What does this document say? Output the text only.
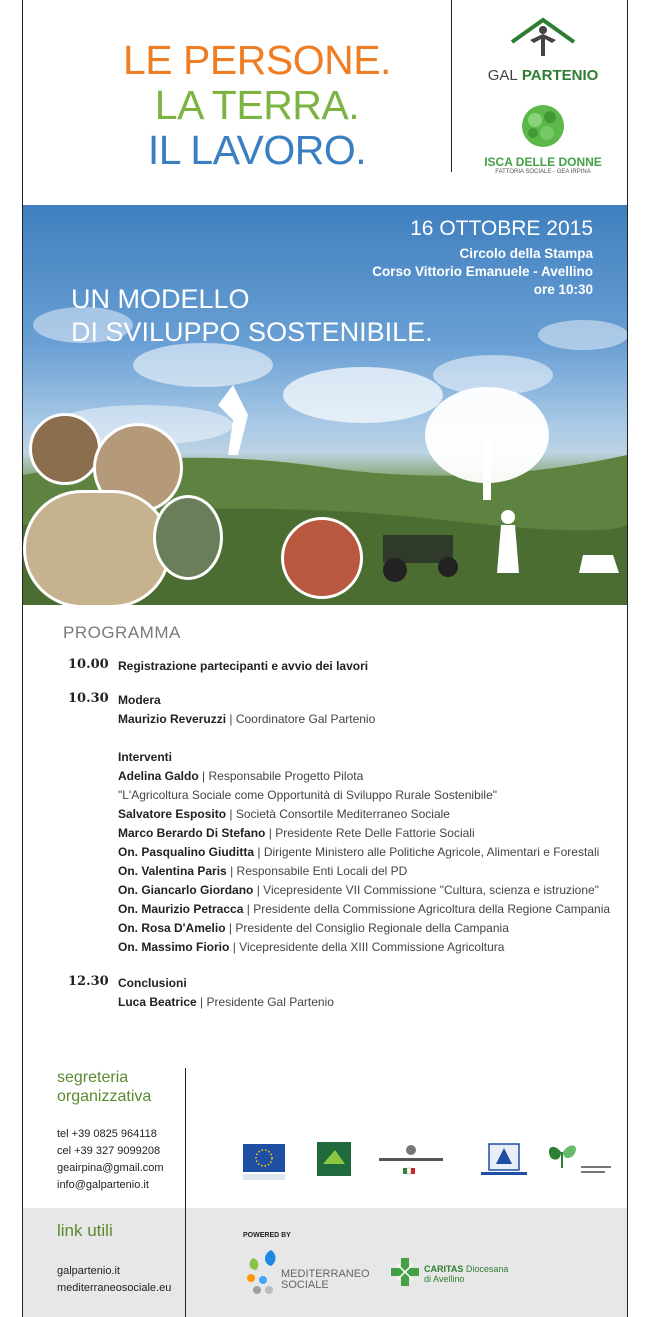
LE PERSONE.
LA TERRA.
IL LAVORO.
GAL PARTENIO
ISCA DELLE DONNE
FATTORIA SOCIALE - GEA IRPINA
16 OTTOBRE 2015
Circolo della Stampa
Corso Vittorio Emanuele - Avellino
ore 10:30
UN MODELLO
DI SVILUPPO SOSTENIBILE.
PROGRAMMA
10.00 Registrazione partecipanti e avvio dei lavori
10.30 Modera
Maurizio Reveruzzi | Coordinatore Gal Partenio
Interventi
Adelina Galdo | Responsabile Progetto Pilota
"L'Agricoltura Sociale come Opportunità di Sviluppo Rurale Sostenibile"
Salvatore Esposito | Società Consortile Mediterraneo Sociale
Marco Berardo Di Stefano | Presidente Rete Delle Fattorie Sociali
On. Pasqualino Giuditta | Dirigente Ministero alle Politiche Agricole, Alimentari e Forestali
On. Valentina Paris | Responsabile Enti Locali del PD
On. Giancarlo Giordano | Vicepresidente VII Commissione "Cultura, scienza e istruzione"
On. Maurizio Petracca | Presidente della Commissione Agricoltura della Regione Campania
On. Rosa D'Amelio | Presidente del Consiglio Regionale della Campania
On. Massimo Fiorio | Vicepresidente della XIII Commissione Agricoltura
12.30 Conclusioni
Luca Beatrice | Presidente Gal Partenio
segreteria
organizzativa
tel +39 0825 964118
cel +39 327 9099208
geairpina@gmail.com
info@galpartenio.it
link utili
galpartenio.it
mediterraneosociale.eu
POWERED BY
MEDITERRANEO
SOCIALE
CARITAS Diocesana
di Avellino
